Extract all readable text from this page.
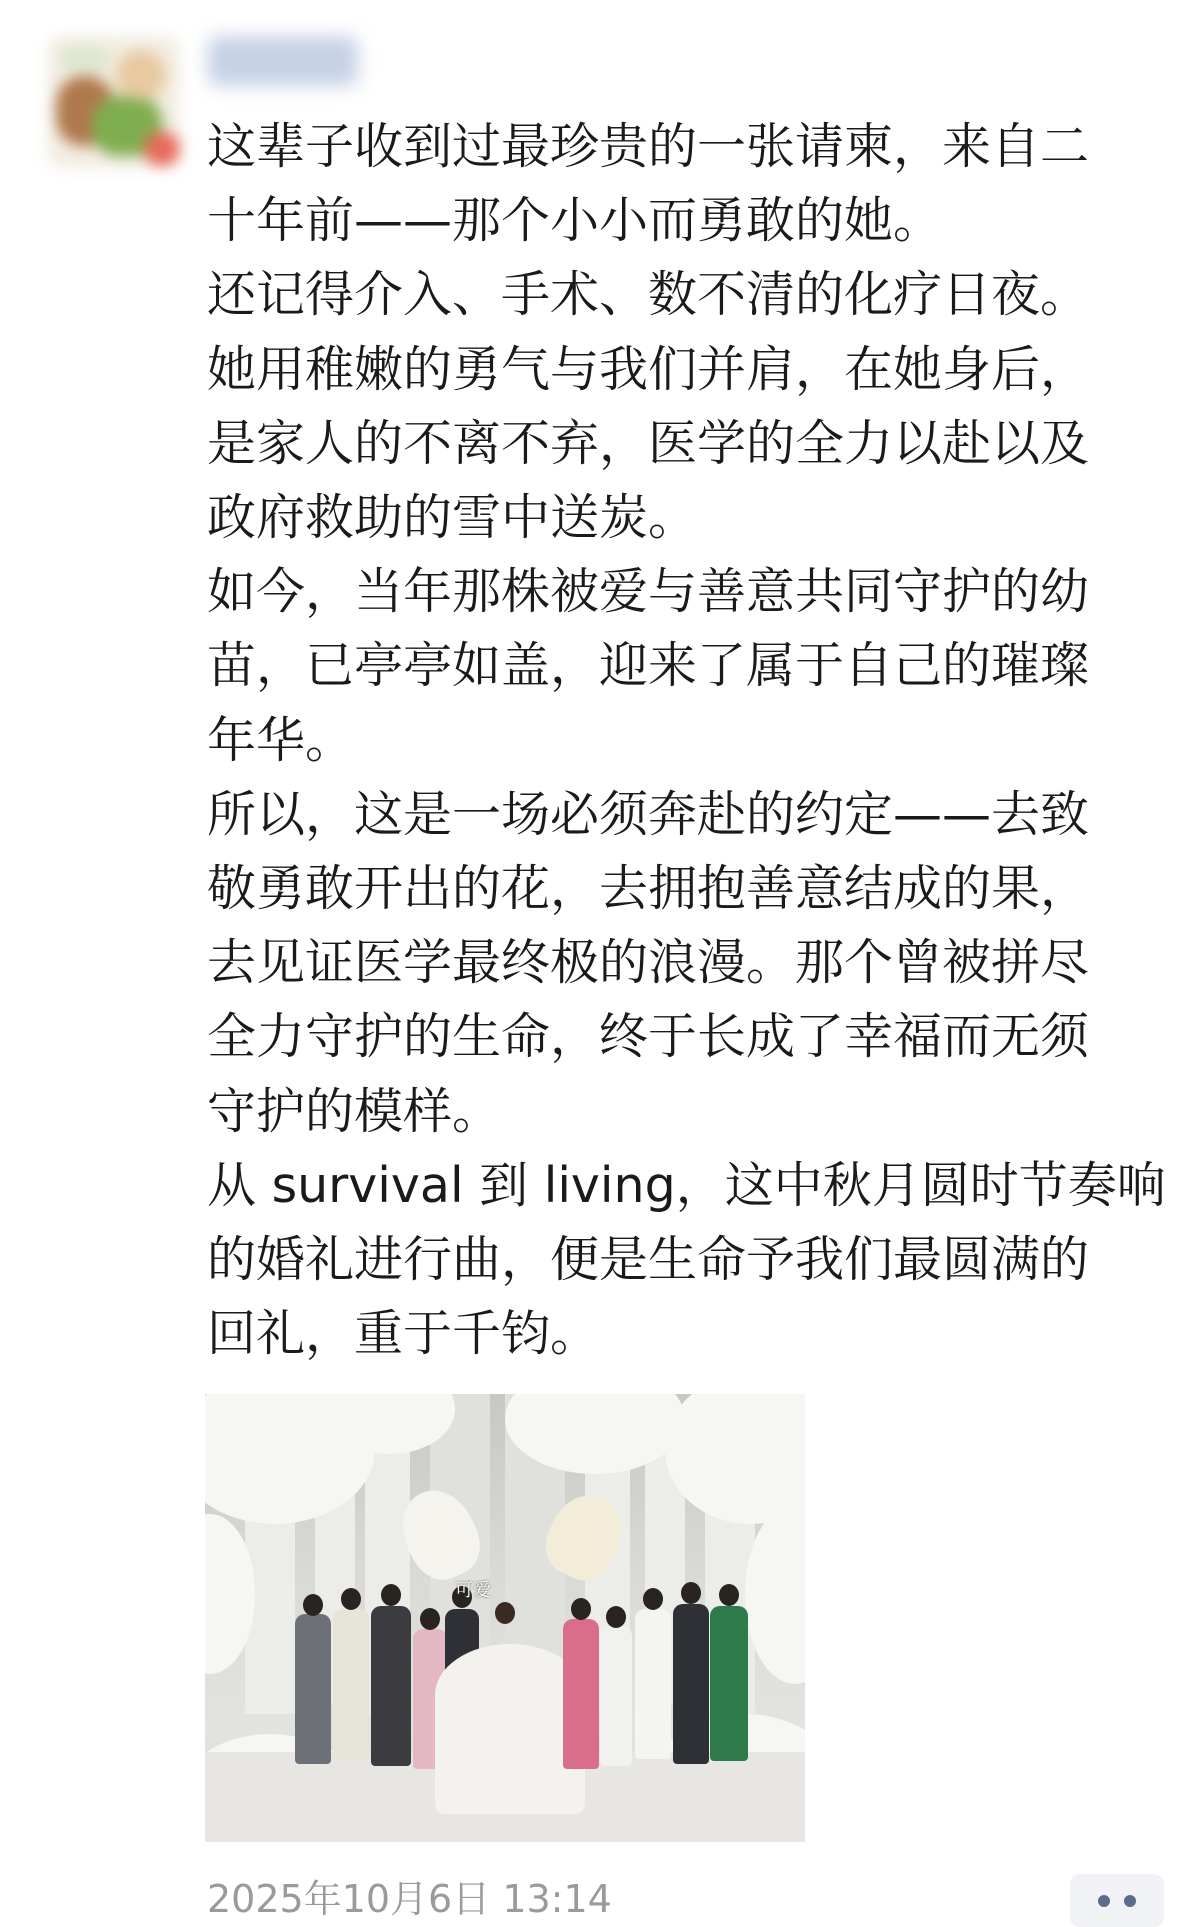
这辈子收到过最珍贵的一张请柬，来自二
十年前——那个小小而勇敢的她。
还记得介入、手术、数不清的化疗日夜。
她用稚嫩的勇气与我们并肩，在她身后，
是家人的不离不弃，医学的全力以赴以及
政府救助的雪中送炭。
如今，当年那株被爱与善意共同守护的幼
苗，已亭亭如盖，迎来了属于自己的璀璨
年华。
所以，这是一场必须奔赴的约定——去致
敬勇敢开出的花，去拥抱善意结成的果，
去见证医学最终极的浪漫。那个曾被拼尽
全力守护的生命，终于长成了幸福而无须
守护的模样。
从 survival 到 living，这中秋月圆时节奏响
的婚礼进行曲，便是生命予我们最圆满的
回礼，重于千钧。

可爱
2025年10月6日 13:14
